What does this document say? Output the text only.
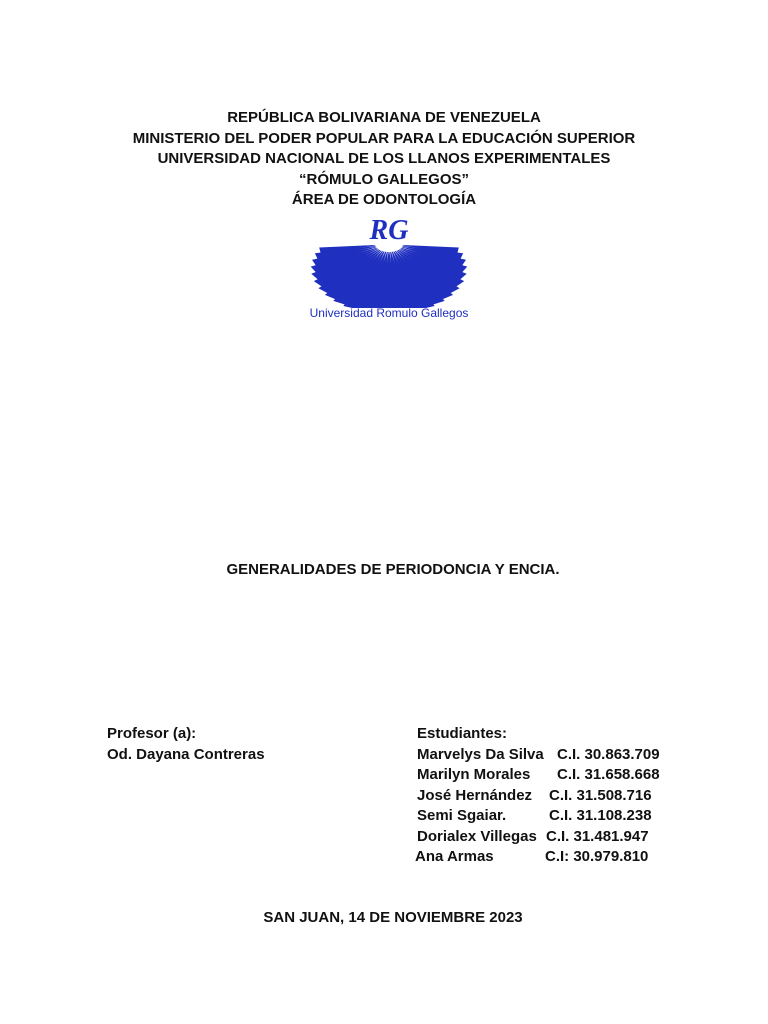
REPÚBLICA BOLIVARIANA DE VENEZUELA
MINISTERIO DEL PODER POPULAR PARA LA EDUCACIÓN SUPERIOR
UNIVERSIDAD NACIONAL DE LOS LLANOS EXPERIMENTALES
“RÓMULO GALLEGOS”
ÁREA DE ODONTOLOGÍA
RG
Universidad Romulo Gallegos
GENERALIDADES DE PERIODONCIA Y ENCIA.
Profesor (a):
Od. Dayana Contreras
Estudiantes:
Marvelys Da Silva C.I. 30.863.709
Marilyn Morales C.I. 31.658.668
José Hernández C.I. 31.508.716
Semi Sgaiar.	C.I. 31.108.238
Dorialex Villegas C.I. 31.481.947
Ana Armas	C.I: 30.979.810
SAN JUAN, 14 DE NOVIEMBRE 2023
